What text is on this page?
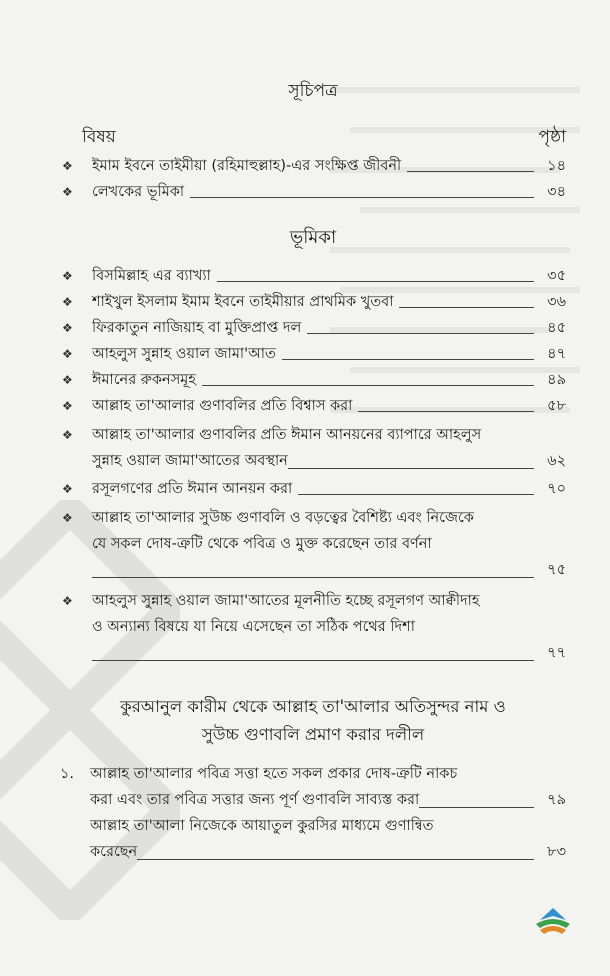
সূচিপত্র
বিষয়	পৃষ্ঠা
❖	ইমাম ইবনে তাইমীয়া (রহিমাহুল্লাহ)-এর সংক্ষিপ্ত জীবনী	১৪
❖	লেখকের ভূমিকা	৩৪
ভূমিকা
❖	বিসমিল্লাহ এর ব্যাখ্যা	৩৫
❖	শাইখুল ইসলাম ইমাম ইবনে তাইমীয়ার প্রাথমিক খুতবা	৩৬
❖	ফিরকাতুন নাজিয়াহ বা মুক্তিপ্রাপ্ত দল	৪৫
❖	আহলুস সুন্নাহ ওয়াল জামা'আত	৪৭
❖	ঈমানের রুকনসমূহ	৪৯
❖	আল্লাহ তা'আলার গুণাবলির প্রতি বিশ্বাস করা	৫৮
❖	আল্লাহ তা'আলার গুণাবলির প্রতি ঈমান আনয়নের ব্যাপারে আহলুস
সুন্নাহ ওয়াল জামা'আতের অবস্থান	৬২
❖	রসূলগণের প্রতি ঈমান আনয়ন করা	৭০
❖	আল্লাহ তা'আলার সুউচ্চ গুণাবলি ও বড়ত্বের বৈশিষ্ট্য এবং নিজেকে
যে সকল দোষ-ত্রুটি থেকে পবিত্র ও মুক্ত করেছেন তার বর্ণনা
৭৫
❖	আহলুস সুন্নাহ ওয়াল জামা'আতের মূলনীতি হচ্ছে রসূলগণ আক্বীদাহ
ও অন্যান্য বিষয়ে যা নিয়ে এসেছেন তা সঠিক পথের দিশা
৭৭
কুরআনুল কারীম থেকে আল্লাহ তা'আলার অতিসুন্দর নাম ও
সুউচ্চ গুণাবলি প্রমাণ করার দলীল
১.	আল্লাহ তা'আলার পবিত্র সত্তা হতে সকল প্রকার দোষ-ত্রুটি নাকচ
করা এবং তার পবিত্র সত্তার জন্য পূর্ণ গুণাবলি সাব্যস্ত করা	৭৯
আল্লাহ তা'আলা নিজেকে আয়াতুল কুরসির মাধ্যমে গুণান্বিত
করেছেন	৮৩
